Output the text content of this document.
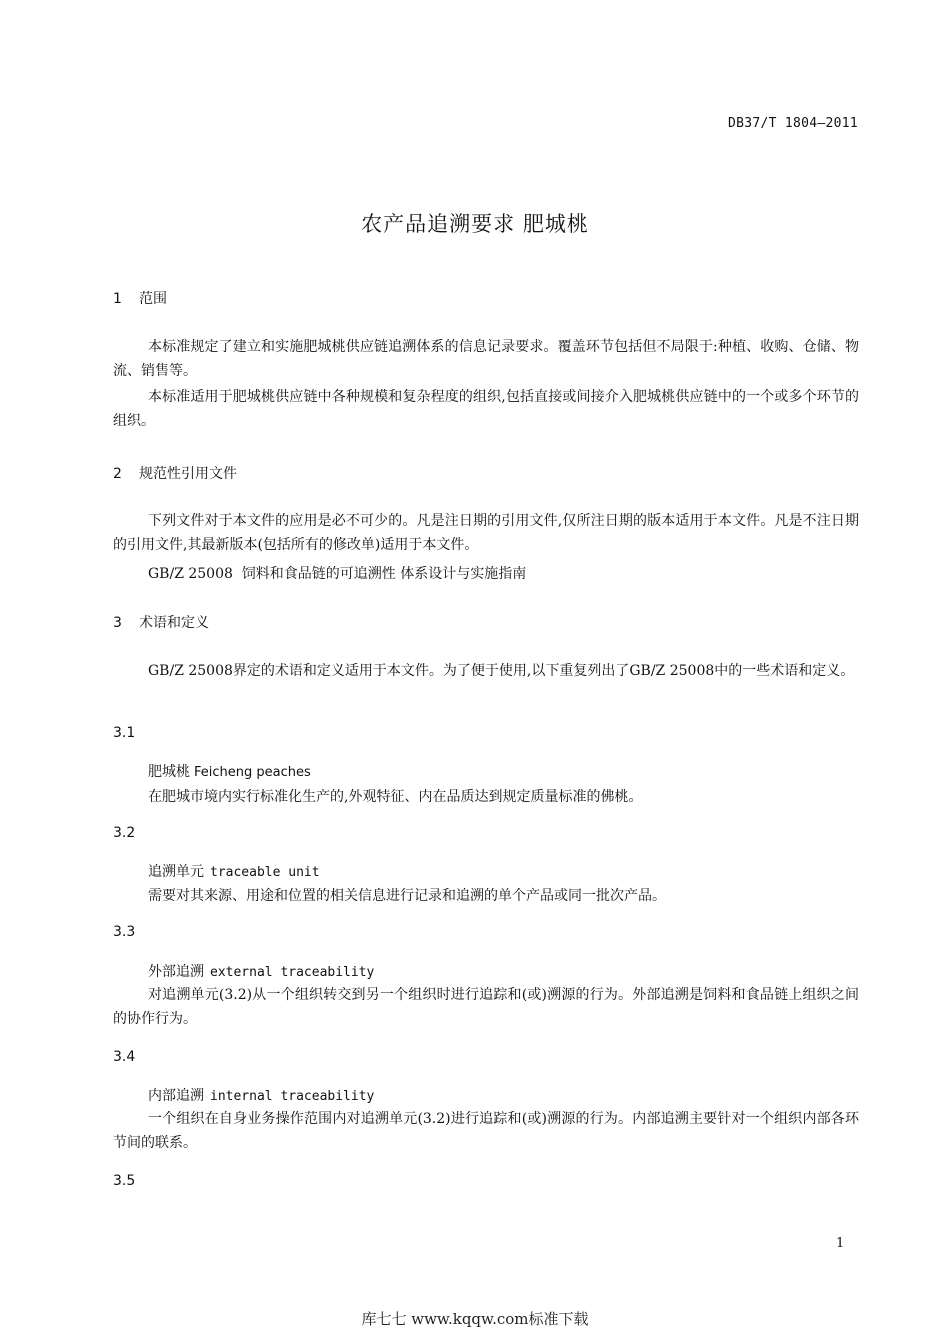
DB37/T 1804—2011
农产品追溯要求 肥城桃
1 范围
本标准规定了建立和实施肥城桃供应链追溯体系的信息记录要求。覆盖环节包括但不局限于:种植、收购、仓储、物流、销售等。
本标准适用于肥城桃供应链中各种规模和复杂程度的组织,包括直接或间接介入肥城桃供应链中的一个或多个环节的组织。
2 规范性引用文件
下列文件对于本文件的应用是必不可少的。凡是注日期的引用文件,仅所注日期的版本适用于本文件。凡是不注日期的引用文件,其最新版本(包括所有的修改单)适用于本文件。
GB/Z 25008  饲料和食品链的可追溯性 体系设计与实施指南
3 术语和定义
GB/Z 25008界定的术语和定义适用于本文件。为了便于使用,以下重复列出了GB/Z 25008中的一些术语和定义。
3.1
肥城桃 Feicheng peaches
在肥城市境内实行标准化生产的,外观特征、内在品质达到规定质量标准的佛桃。
3.2
追溯单元 traceable unit
需要对其来源、用途和位置的相关信息进行记录和追溯的单个产品或同一批次产品。
3.3
外部追溯 external traceability
对追溯单元(3.2)从一个组织转交到另一个组织时进行追踪和(或)溯源的行为。外部追溯是饲料和食品链上组织之间的协作行为。
3.4
内部追溯 internal traceability
一个组织在自身业务操作范围内对追溯单元(3.2)进行追踪和(或)溯源的行为。内部追溯主要针对一个组织内部各环节间的联系。
3.5
1
库七七 www.kqqw.com标准下载
